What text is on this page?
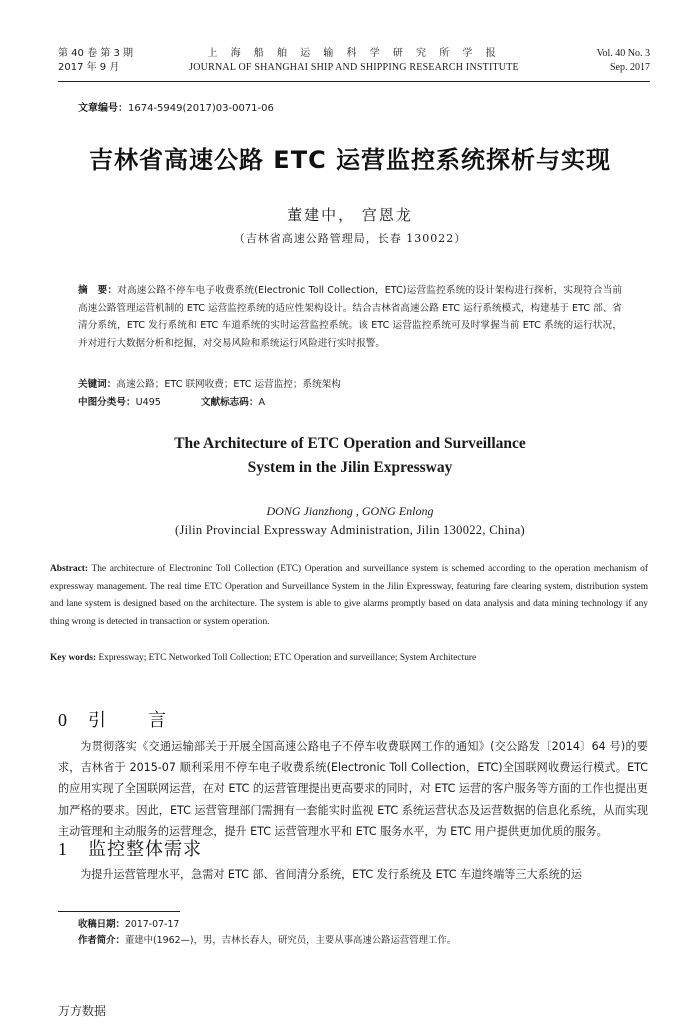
第 40 卷 第 3 期
2017 年 9 月
上 海 船 舶 运 输 科 学 研 究 所 学 报
JOURNAL OF SHANGHAI SHIP AND SHIPPING RESEARCH INSTITUTE
Vol. 40 No. 3
Sep. 2017
文章编号：1674-5949(2017)03-0071-06
吉林省高速公路 ETC 运营监控系统探析与实现
董建中， 宫恩龙
（吉林省高速公路管理局，长春 130022）
摘　要：对高速公路不停车电子收费系统(Electronic Toll Collection，ETC)运营监控系统的设计架构进行探析，实现符合当前高速公路管理运营机制的 ETC 运营监控系统的适应性架构设计。结合吉林省高速公路 ETC 运行系统模式，构建基于 ETC 部、省清分系统，ETC 发行系统和 ETC 车道系统的实时运营监控系统。该 ETC 运营监控系统可及时掌握当前 ETC 系统的运行状况，并对进行大数据分析和挖掘，对交易风险和系统运行风险进行实时报警。
关键词：高速公路；ETC 联网收费；ETC 运营监控；系统架构
中图分类号：U495	文献标志码：A
The Architecture of ETC Operation and Surveillance
System in the Jilin Expressway
DONG Jianzhong , GONG Enlong
(Jilin Provincial Expressway Administration, Jilin 130022, China)
Abstract: The architecture of Electroninc Toll Collection (ETC) Operation and surveillance system is schemed according to the operation mechanism of expressway management. The real time ETC Operation and Surveillance System in the Jilin Expressway, featuring fare clearing system, distribution system and lane system is designed based on the architecture. The system is able to give alarms promptly based on data analysis and data mining technology if any thing wrong is detected in transaction or system operation.
Key words: Expressway; ETC Networked Toll Collection; ETC Operation and surveillance; System Architecture
0 引　言

为贯彻落实《交通运输部关于开展全国高速公路电子不停车收费联网工作的通知》(交公路发〔2014〕64 号)的要求，吉林省于 2015-07 顺利采用不停车电子收费系统(Electronic Toll Collection，ETC)全国联网收费运行模式。ETC 的应用实现了全国联网运营，在对 ETC 的运营管理提出更高要求的同时，对 ETC 运营的客户服务等方面的工作也提出更加严格的要求。因此，ETC 运营管理部门需拥有一套能实时监视 ETC 系统运营状态及运营数据的信息化系统，从而实现主动管理和主动服务的运营理念，提升 ETC 运营管理水平和 ETC 服务水平，为 ETC 用户提供更加优质的服务。

1 监控整体需求

为提升运营管理水平，急需对 ETC 部、省间清分系统，ETC 发行系统及 ETC 车道终端等三大系统的运

收稿日期：2017-07-17
作者简介：董建中(1962—)，男，吉林长春人，研究员，主要从事高速公路运营管理工作。
万方数据
